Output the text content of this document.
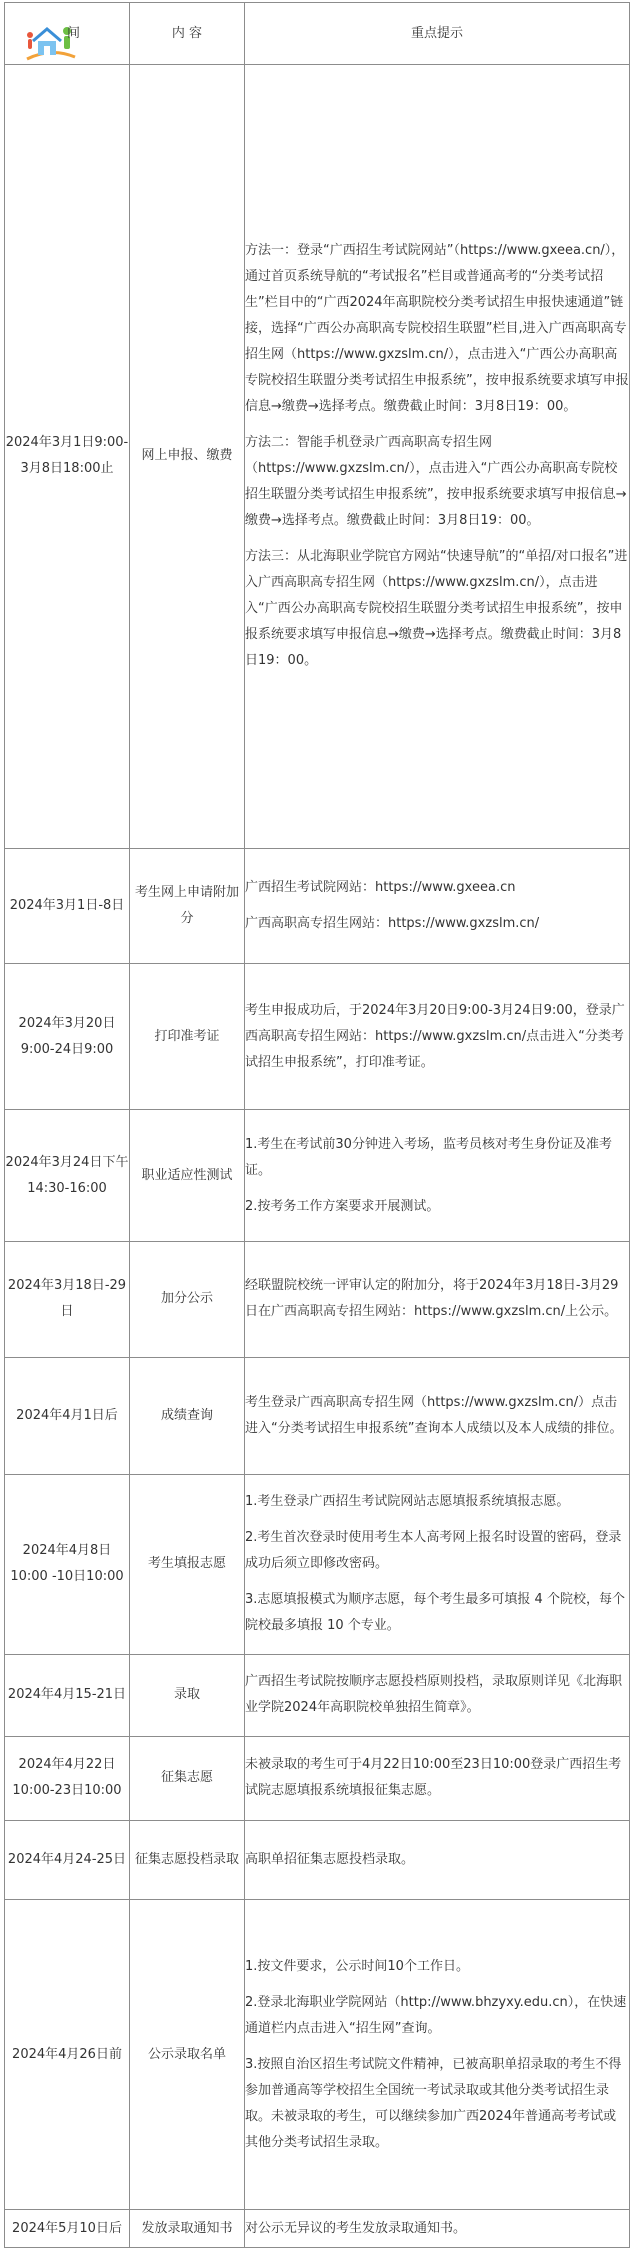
间	内 容	重点提示
2024年3月1日9:00-3月8日18:00止	网上申报、缴费	方法一：登录“广西招生考试院网站”（https://www.gxeea.cn/），通过首页系统导航的“考试报名”栏目或普通高考的“分类考试招生”栏目中的“广西2024年高职院校分类考试招生申报快速通道”链接，选择“广西公办高职高专院校招生联盟”栏目,进入广西高职高专招生网（https://www.gxzslm.cn/），点击进入“广西公办高职高专院校招生联盟分类考试招生申报系统”，按申报系统要求填写申报信息→缴费→选择考点。缴费截止时间：3月8日19：00。

方法二：智能手机登录广西高职高专招生网（https://www.gxzslm.cn/），点击进入“广西公办高职高专院校招生联盟分类考试招生申报系统”，按申报系统要求填写申报信息→缴费→选择考点。缴费截止时间：3月8日19：00。

方法三：从北海职业学院官方网站“快速导航”的“单招/对口报名”进入广西高职高专招生网（https://www.gxzslm.cn/），点击进入“广西公办高职高专院校招生联盟分类考试招生申报系统”，按申报系统要求填写申报信息→缴费→选择考点。缴费截止时间：3月8日19：00。

2024年3月1日-8日	考生网上申请附加分	广西招生考试院网站：https://www.gxeea.cn

广西高职高专招生网站：https://www.gxzslm.cn/

2024年3月20日9:00-24日9:00	打印准考证	考生申报成功后，于2024年3月20日9:00-3月24日9:00，登录广西高职高专招生网站：https://www.gxzslm.cn/点击进入“分类考试招生申报系统”，打印准考证。

2024年3月24日下午14:30-16:00	职业适应性测试	1.考生在考试前30分钟进入考场，监考员核对考生身份证及准考证。

2.按考务工作方案要求开展测试。

2024年3月18日-29日	加分公示	经联盟院校统一评审认定的附加分，将于2024年3月18日-3月29日在广西高职高专招生网站：https://www.gxzslm.cn/上公示。

2024年4月1日后	成绩查询	考生登录广西高职高专招生网（https://www.gxzslm.cn/）点击进入“分类考试招生申报系统”查询本人成绩以及本人成绩的排位。

2024年4月8日10:00 -10日10:00	考生填报志愿	1.考生登录广西招生考试院网站志愿填报系统填报志愿。

2.考生首次登录时使用考生本人高考网上报名时设置的密码，登录成功后须立即修改密码。

3.志愿填报模式为顺序志愿，每个考生最多可填报 4 个院校，每个院校最多填报 10 个专业。

2024年4月15-21日	录取	广西招生考试院按顺序志愿投档原则投档，录取原则详见《北海职业学院2024年高职院校单独招生简章》。

2024年4月22日10:00-23日10:00	征集志愿	未被录取的考生可于4月22日10:00至23日10:00登录广西招生考试院志愿填报系统填报征集志愿。

2024年4月24-25日	征集志愿投档录取	高职单招征集志愿投档录取。

2024年4月26日前	公示录取名单	1.按文件要求，公示时间10个工作日。

2.登录北海职业学院网站（http://www.bhzyxy.edu.cn），在快速通道栏内点击进入“招生网”查询。

3.按照自治区招生考试院文件精神，已被高职单招录取的考生不得参加普通高等学校招生全国统一考试录取或其他分类考试招生录取。未被录取的考生，可以继续参加广西2024年普通高考考试或其他分类考试招生录取。

2024年5月10日后	发放录取通知书	对公示无异议的考生发放录取通知书。
